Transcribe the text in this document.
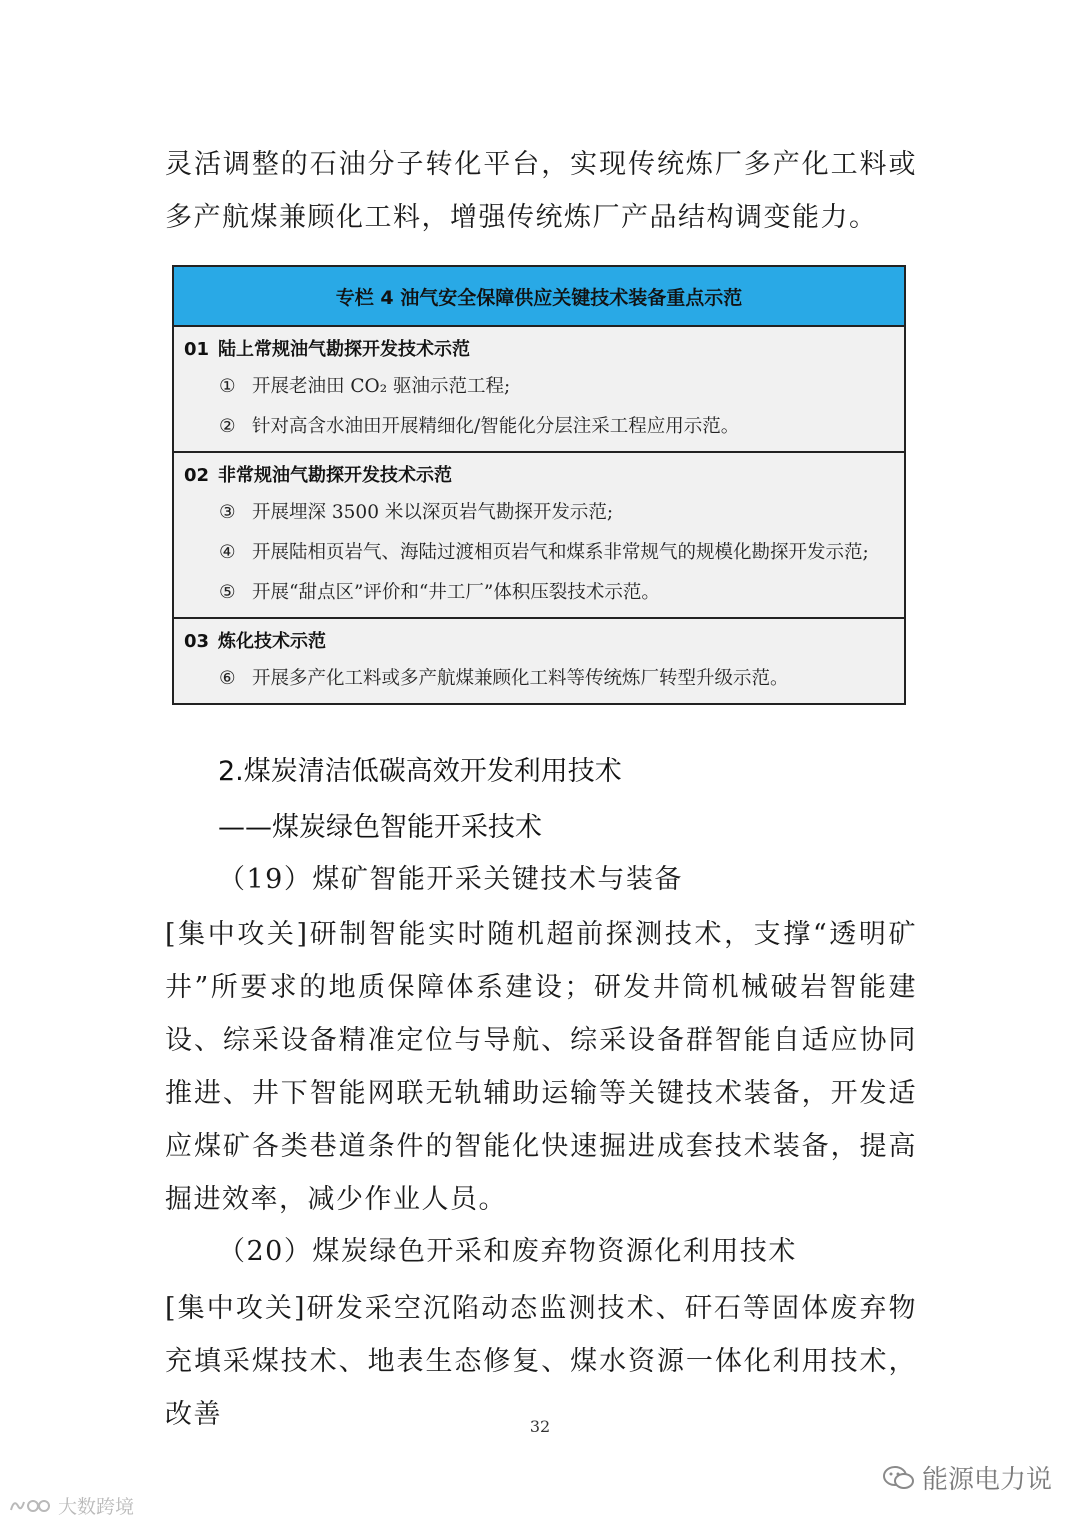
灵活调整的石油分子转化平台，实现传统炼厂多产化工料或多产航煤兼顾化工料，增强传统炼厂产品结构调变能力。
专栏 4 油气安全保障供应关键技术装备重点示范
01 陆上常规油气勘探开发技术示范
① 开展老油田 CO₂ 驱油示范工程;
② 针对高含水油田开展精细化/智能化分层注采工程应用示范。
02 非常规油气勘探开发技术示范
③ 开展埋深 3500 米以深页岩气勘探开发示范;
④ 开展陆相页岩气、海陆过渡相页岩气和煤系非常规气的规模化勘探开发示范;
⑤ 开展“甜点区”评价和“井工厂”体积压裂技术示范。
03 炼化技术示范
⑥ 开展多产化工料或多产航煤兼顾化工料等传统炼厂转型升级示范。
2.煤炭清洁低碳高效开发利用技术
——煤炭绿色智能开采技术
（19）煤矿智能开采关键技术与装备
[集中攻关]研制智能实时随机超前探测技术，支撑“透明矿井”所要求的地质保障体系建设；研发井筒机械破岩智能建设、综采设备精准定位与导航、综采设备群智能自适应协同推进、井下智能网联无轨辅助运输等关键技术装备，开发适应煤矿各类巷道条件的智能化快速掘进成套技术装备，提高掘进效率，减少作业人员。
（20）煤炭绿色开采和废弃物资源化利用技术
[集中攻关]研发采空沉陷动态监测技术、矸石等固体废弃物充填采煤技术、地表生态修复、煤水资源一体化利用技术，改善	32
大数跨境
能源电力说
